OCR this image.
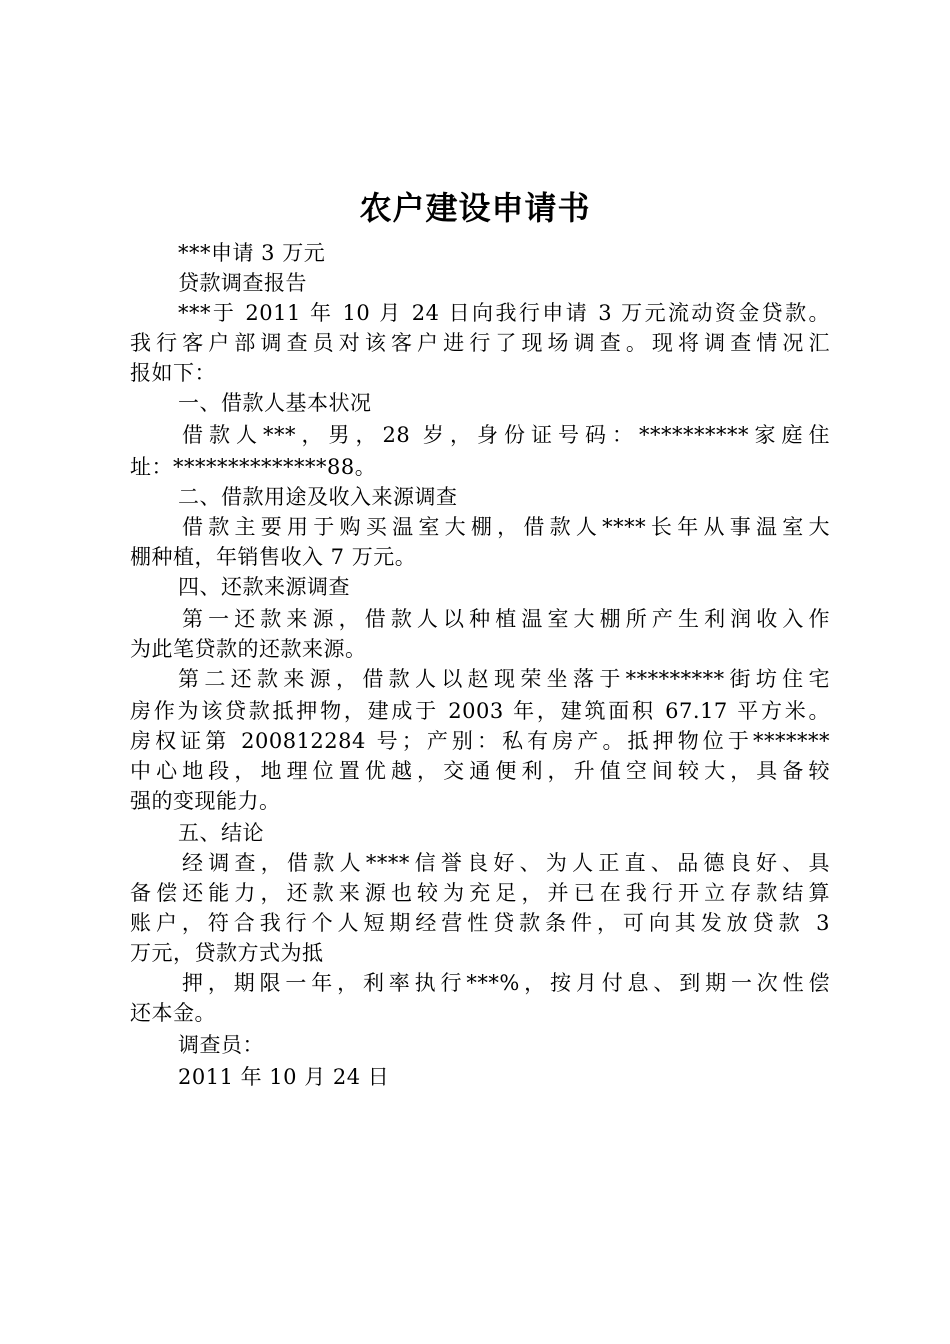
农户建设申请书
***申请 3 万元
贷款调查报告
***于 2011 年 10 月 24 日向我行申请 3 万元流动资金贷款。
我行客户部调查员对该客户进行了现场调查。现将调查情况汇
报如下：
一、借款人基本状况
借款人***，男，28 岁，身份证号码：**********家庭住
址：**************88。
二、借款用途及收入来源调查
借款主要用于购买温室大棚，借款人****长年从事温室大
棚种植，年销售收入 7 万元。
四、还款来源调查
第一还款来源，借款人以种植温室大棚所产生利润收入作
为此笔贷款的还款来源。
第二还款来源，借款人以赵现荣坐落于*********街坊住宅
房作为该贷款抵押物，建成于 2003 年，建筑面积 67.17 平方米。
房权证第 200812284 号；产别：私有房产。抵押物位于*******
中心地段，地理位置优越，交通便利，升值空间较大，具备较
强的变现能力。
五、结论
经调查，借款人****信誉良好、为人正直、品德良好、具
备偿还能力，还款来源也较为充足，并已在我行开立存款结算
账户，符合我行个人短期经营性贷款条件，可向其发放贷款 3
万元，贷款方式为抵
押，期限一年，利率执行***%，按月付息、到期一次性偿
还本金。
调查员：
2011 年 10 月 24 日
